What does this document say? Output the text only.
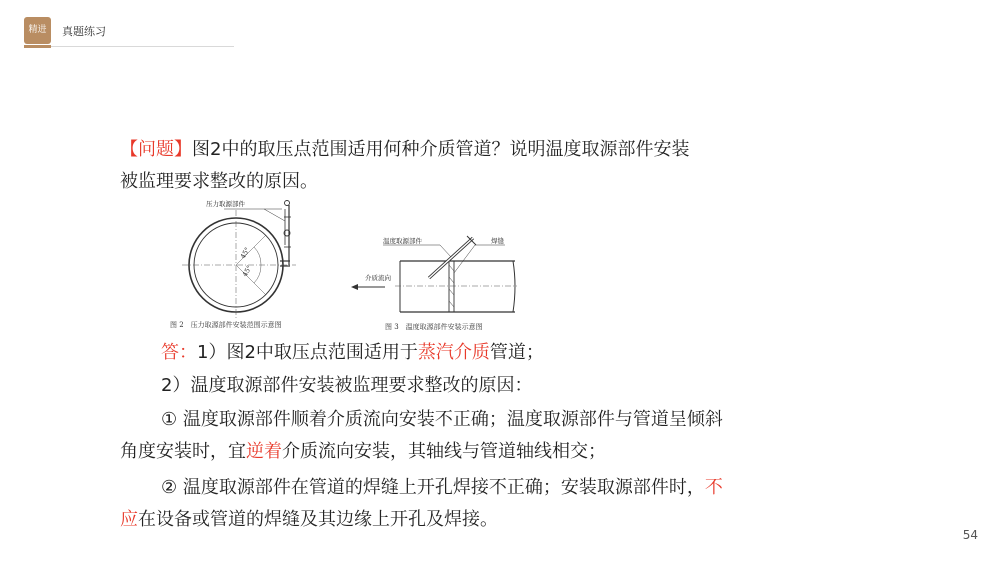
精进	真题练习
【问题】图2中的取压点范围适用何种介质管道？说明温度取源部件安装
被监理要求整改的原因。
45°
45°
压力取源部件
图 2　压力取源部件安装范围示意图
温度取源部件	焊缝
介质流向
图 3　温度取源部件安装示意图
答：1）图2中取压点范围适用于蒸汽介质管道；
2）温度取源部件安装被监理要求整改的原因：
① 温度取源部件顺着介质流向安装不正确；温度取源部件与管道呈倾斜
角度安装时，宜逆着介质流向安装，其轴线与管道轴线相交；
② 温度取源部件在管道的焊缝上开孔焊接不正确；安装取源部件时，不
应在设备或管道的焊缝及其边缘上开孔及焊接。
54
